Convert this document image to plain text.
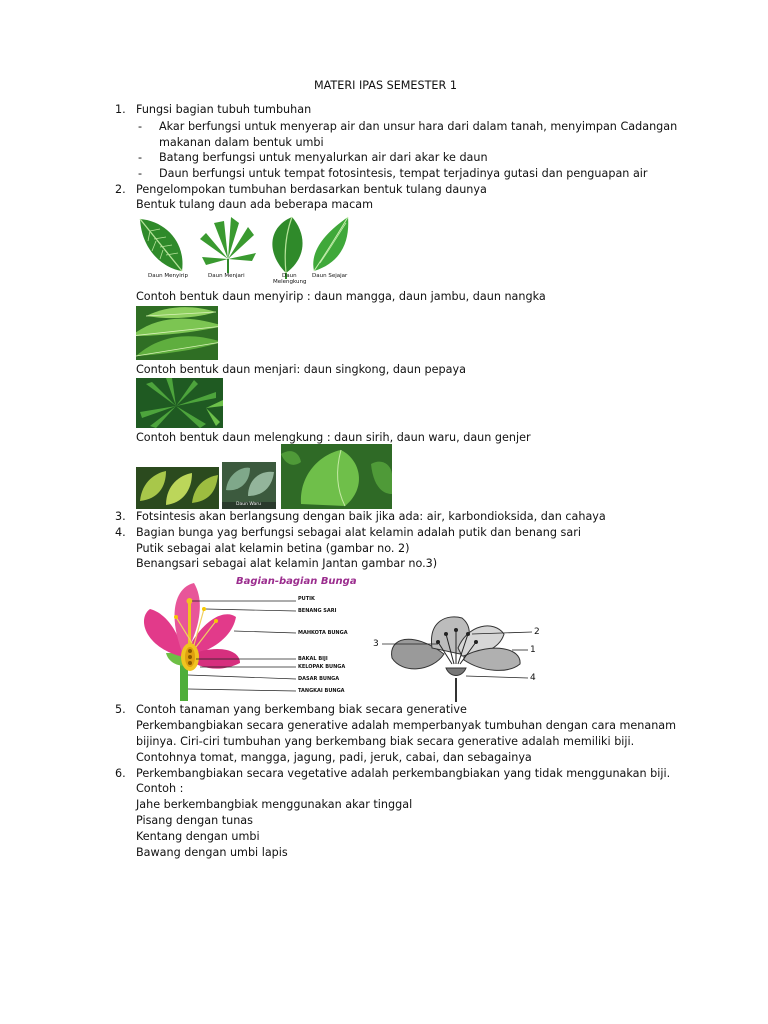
MATERI IPAS SEMESTER 1
1. Fungsi bagian tubuh tumbuhan
- Akar berfungsi untuk menyerap air dan unsur hara dari dalam tanah, menyimpan Cadangan
makanan dalam bentuk umbi
- Batang berfungsi untuk menyalurkan air dari akar ke daun
- Daun berfungsi untuk tempat fotosintesis, tempat terjadinya gutasi dan penguapan air
2. Pengelompokan tumbuhan berdasarkan bentuk tulang daunya
Bentuk tulang daun ada beberapa macam
Daun Menyirip	Daun Menjari	Daun
Melengkung
Daun Sejajar
Contoh bentuk daun menyirip : daun mangga, daun jambu, daun nangka
Contoh bentuk daun menjari: daun singkong, daun pepaya
Contoh bentuk daun melengkung : daun sirih, daun waru, daun genjer
Daun Waru
3. Fotsintesis akan berlangsung dengan baik jika ada: air, karbondioksida, dan cahaya
4. Bagian bunga yag berfungsi sebagai alat kelamin adalah putik dan benang sari
Putik sebagai alat kelamin betina (gambar no. 2)
Benangsari sebagai alat kelamin Jantan gambar no.3)
Bagian-bagian Bunga
PUTIK
BENANG SARI
MAHKOTA BUNGA
BAKAL BIJI
KELOPAK BUNGA
DASAR BUNGA
TANGKAI BUNGA
1
2
3
4
5. Contoh tanaman yang berkembang biak secara generative
Perkembangbiakan secara generative adalah memperbanyak tumbuhan dengan cara menanam
bijinya. Ciri-ciri tumbuhan yang berkembang biak secara generative adalah memiliki biji.
Contohnya tomat, mangga, jagung, padi, jeruk, cabai, dan sebagainya
6. Perkembangbiakan secara vegetative adalah perkembangbiakan yang tidak menggunakan biji.
Contoh :
Jahe berkembangbiak menggunakan akar tinggal
Pisang dengan tunas
Kentang dengan umbi
Bawang dengan umbi lapis
